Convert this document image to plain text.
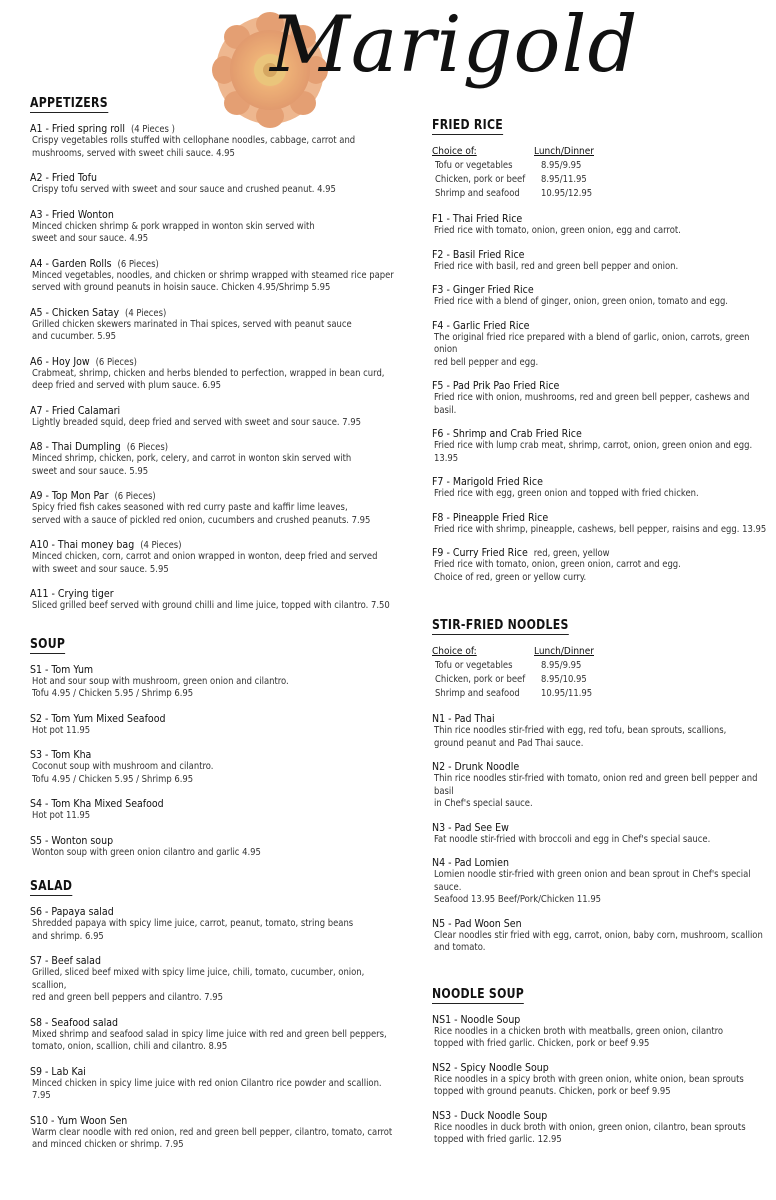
Marigold
APPETIZERS
A1 - Fried spring roll (4 Pieces )
Crispy vegetables rolls stuffed with cellophane noodles, cabbage, carrot and
mushrooms, served with sweet chili sauce. 4.95
A2 - Fried Tofu
Crispy tofu served with sweet and sour sauce and crushed peanut. 4.95
A3 - Fried Wonton
Minced chicken shrimp & pork wrapped in wonton skin served with
sweet and sour sauce. 4.95
A4 - Garden Rolls (6 Pieces)
Minced vegetables, noodles, and chicken or shrimp wrapped with steamed rice paper
served with ground peanuts in hoisin sauce. Chicken 4.95/Shrimp 5.95
A5 - Chicken Satay (4 Pieces)
Grilled chicken skewers marinated in Thai spices, served with peanut sauce
and cucumber. 5.95
A6 - Hoy Jow (6 Pieces)
Crabmeat, shrimp, chicken and herbs blended to perfection, wrapped in bean curd,
deep fried and served with plum sauce. 6.95
A7 - Fried Calamari
Lightly breaded squid, deep fried and served with sweet and sour sauce. 7.95
A8 - Thai Dumpling (6 Pieces)
Minced shrimp, chicken, pork, celery, and carrot in wonton skin served with
sweet and sour sauce. 5.95
A9 - Top Mon Par (6 Pieces)
Spicy fried fish cakes seasoned with red curry paste and kaffir lime leaves,
served with a sauce of pickled red onion, cucumbers and crushed peanuts. 7.95
A10 - Thai money bag (4 Pieces)
Minced chicken, corn, carrot and onion wrapped in wonton, deep fried and served
with sweet and sour sauce. 5.95
A11 - Crying tiger
Sliced grilled beef served with ground chilli and lime juice, topped with cilantro. 7.50
SOUP
S1 - Tom Yum
Hot and sour soup with mushroom, green onion and cilantro.
Tofu 4.95 / Chicken 5.95 / Shrimp 6.95
S2 - Tom Yum Mixed Seafood
Hot pot 11.95
S3 - Tom Kha
Coconut soup with mushroom and cilantro.
Tofu 4.95 / Chicken 5.95 / Shrimp 6.95
S4 - Tom Kha Mixed Seafood
Hot pot 11.95
S5 - Wonton soup
Wonton soup with green onion cilantro and garlic 4.95
SALAD
S6 - Papaya salad
Shredded papaya with spicy lime juice, carrot, peanut, tomato, string beans
and shrimp. 6.95
S7 - Beef salad
Grilled, sliced beef mixed with spicy lime juice, chili, tomato, cucumber, onion, scallion,
red and green bell peppers and cilantro. 7.95
S8 - Seafood salad
Mixed shrimp and seafood salad in spicy lime juice with red and green bell peppers,
tomato, onion, scallion, chili and cilantro. 8.95
S9 - Lab Kai
Minced chicken in spicy lime juice with red onion Cilantro rice powder and scallion. 7.95
S10 - Yum Woon Sen
Warm clear noodle with red onion, red and green bell pepper, cilantro, tomato, carrot
and minced chicken or shrimp. 7.95
FRIED RICE
Choice of:	Lunch/Dinner
Tofu or vegetables	8.95/9.95
Chicken, pork or beef	8.95/11.95
Shrimp and seafood	10.95/12.95
F1 - Thai Fried Rice
Fried rice with tomato, onion, green onion, egg and carrot.
F2 - Basil Fried Rice
Fried rice with basil, red and green bell pepper and onion.
F3 - Ginger Fried Rice
Fried rice with a blend of ginger, onion, green onion, tomato and egg.
F4 - Garlic Fried Rice
The original fried rice prepared with a blend of garlic, onion, carrots, green onion
red bell pepper and egg.
F5 - Pad Prik Pao Fried Rice
Fried rice with onion, mushrooms, red and green bell pepper, cashews and basil.
F6 - Shrimp and Crab Fried Rice
Fried rice with lump crab meat, shrimp, carrot, onion, green onion and egg. 13.95
F7 - Marigold Fried Rice
Fried rice with egg, green onion and topped with fried chicken.
F8 - Pineapple Fried Rice
Fried rice with shrimp, pineapple, cashews, bell pepper, raisins and egg. 13.95
F9 - Curry Fried Rice red, green, yellow
Fried rice with tomato, onion, green onion, carrot and egg.
Choice of red, green or yellow curry.
STIR-FRIED NOODLES
Choice of:	Lunch/Dinner
Tofu or vegetables	8.95/9.95
Chicken, pork or beef	8.95/10.95
Shrimp and seafood	10.95/11.95
N1 - Pad Thai
Thin rice noodles stir-fried with egg, red tofu, bean sprouts, scallions,
ground peanut and Pad Thai sauce.
N2 - Drunk Noodle
Thin rice noodles stir-fried with tomato, onion red and green bell pepper and basil
in Chef's special sauce.
N3 - Pad See Ew
Fat noodle stir-fried with broccoli and egg in Chef's special sauce.
N4 - Pad Lomien
Lomien noodle stir-fried with green onion and bean sprout in Chef's special sauce.
Seafood 13.95 Beef/Pork/Chicken 11.95
N5 - Pad Woon Sen
Clear noodles stir fried with egg, carrot, onion, baby corn, mushroom, scallion
and tomato.
NOODLE SOUP
NS1 - Noodle Soup
Rice noodles in a chicken broth with meatballs, green onion, cilantro
topped with fried garlic. Chicken, pork or beef 9.95
NS2 - Spicy Noodle Soup
Rice noodles in a spicy broth with green onion, white onion, bean sprouts
topped with ground peanuts. Chicken, pork or beef 9.95
NS3 - Duck Noodle Soup
Rice noodles in duck broth with onion, green onion, cilantro, bean sprouts
topped with fried garlic. 12.95
